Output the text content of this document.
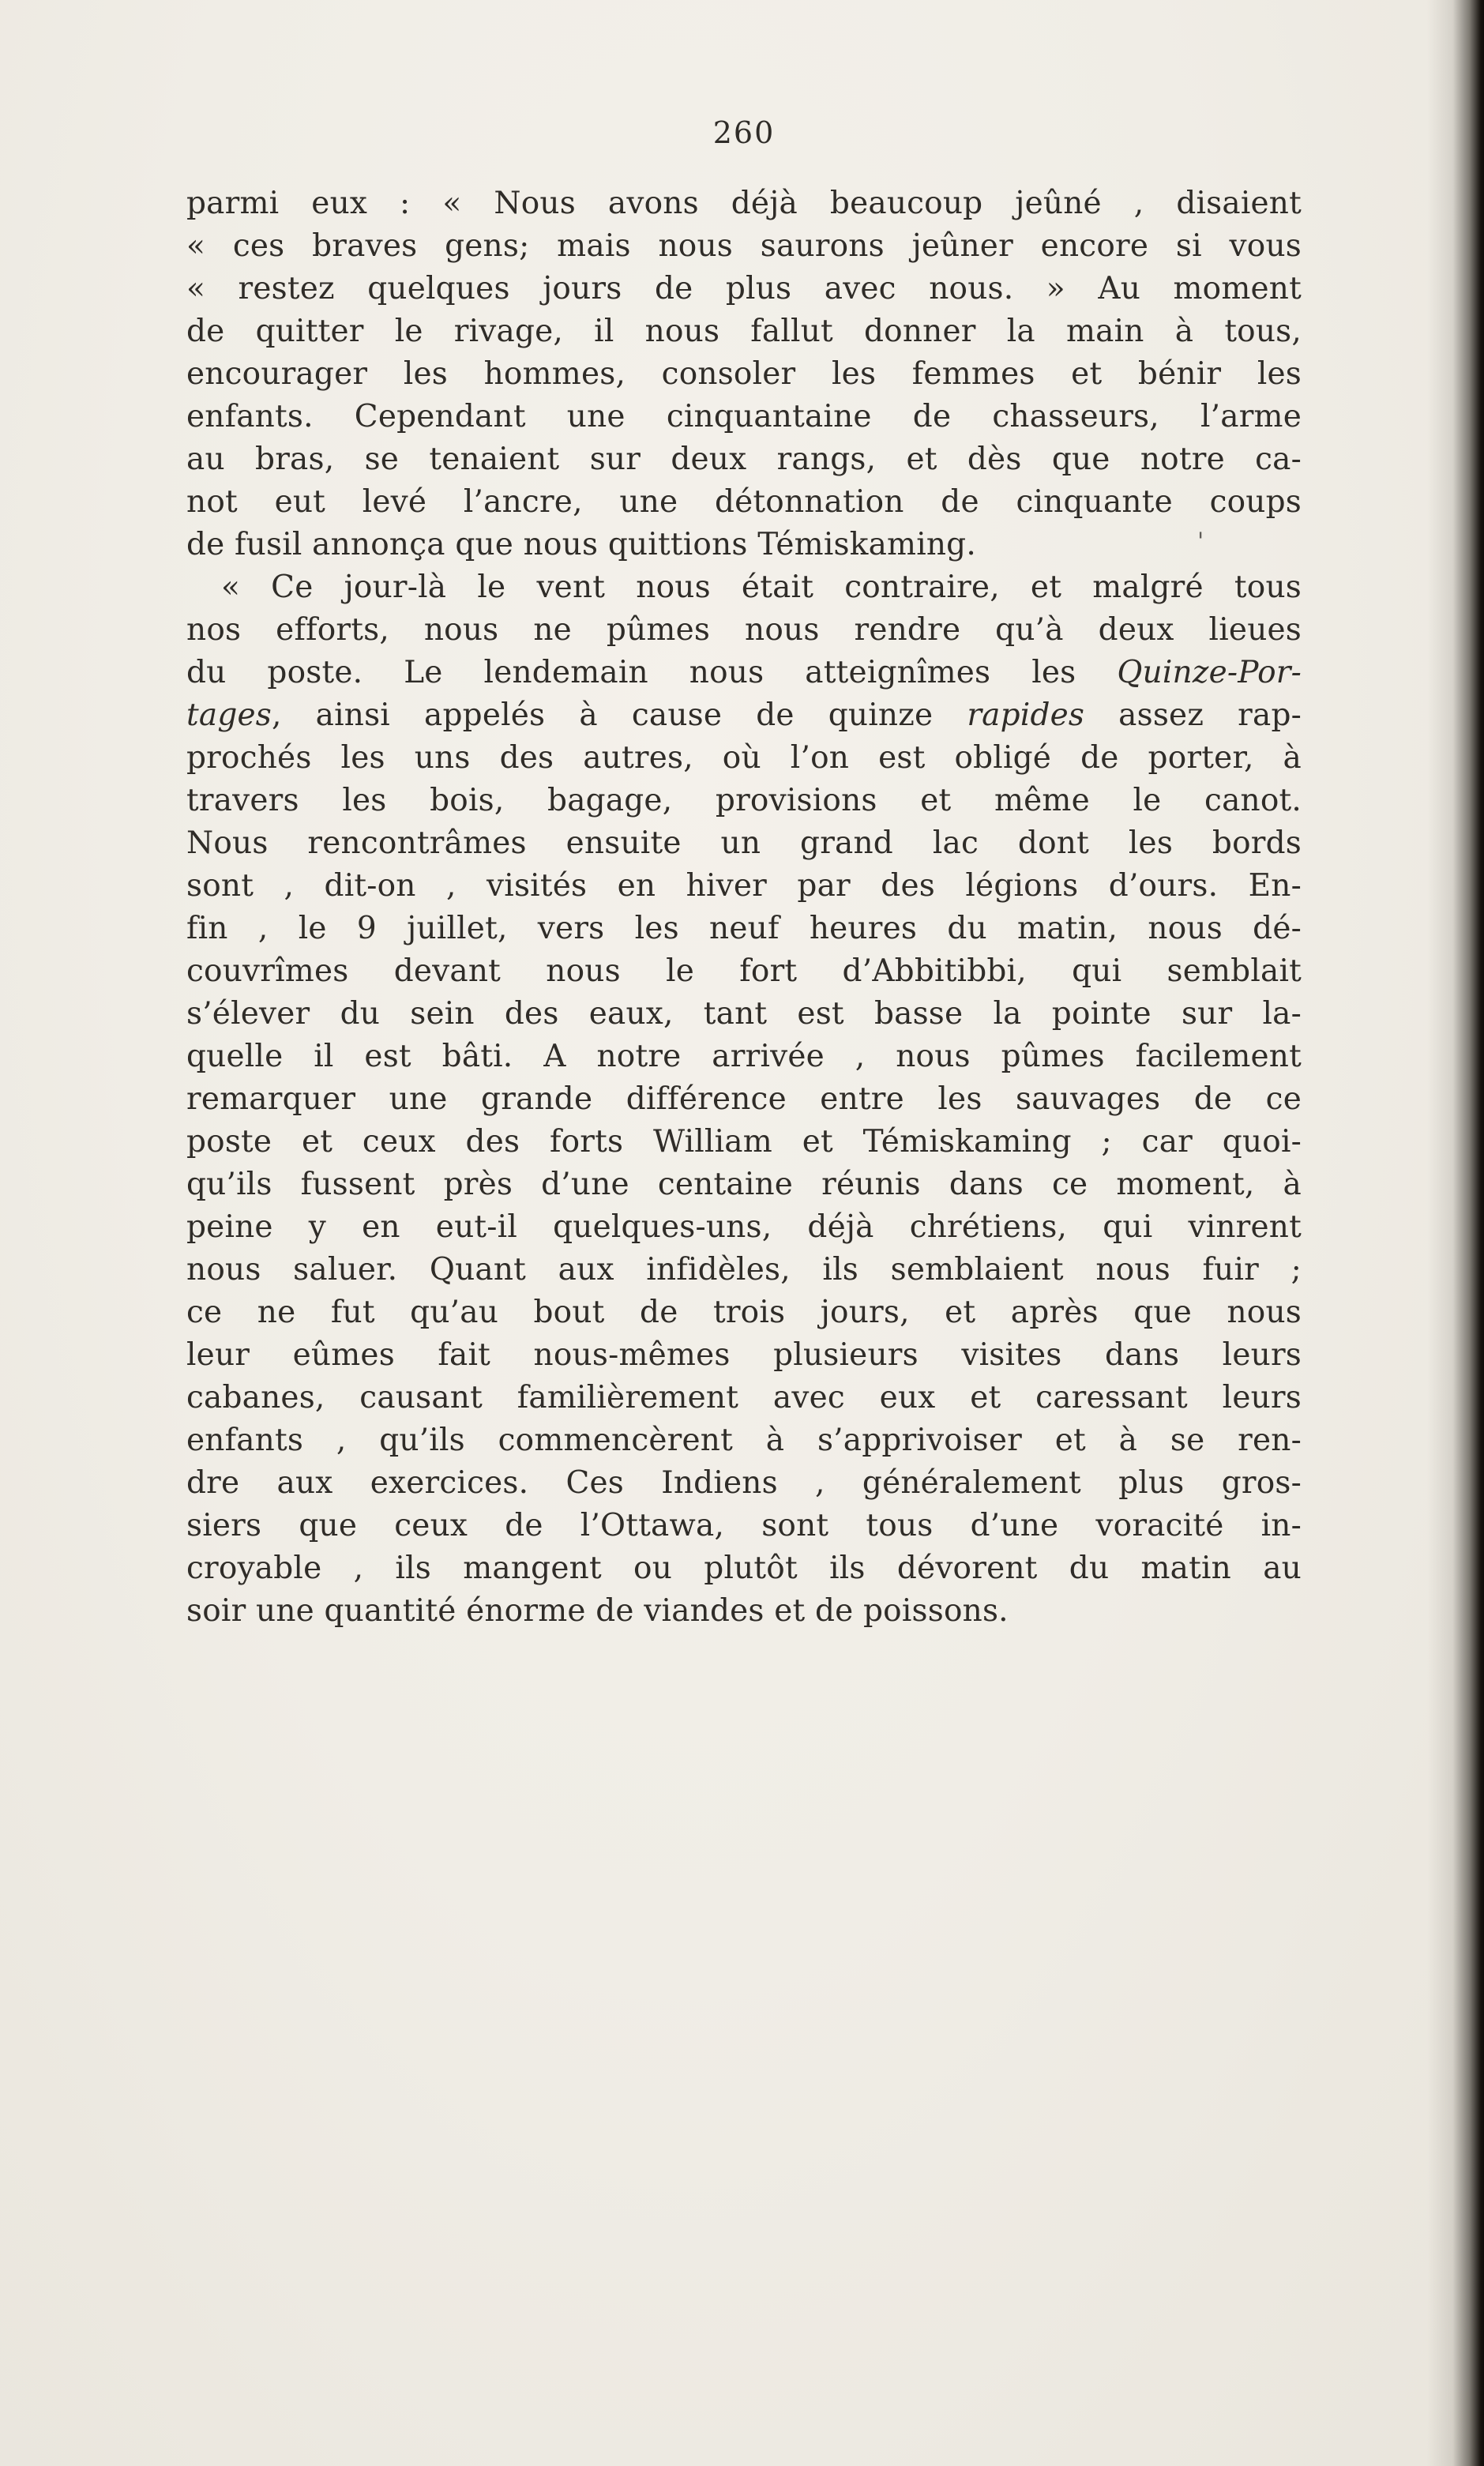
260
parmi eux : « Nous avons déjà beaucoup jeûné , disaient
« ces braves gens; mais nous saurons jeûner encore si vous
« restez quelques jours de plus avec nous. » Au moment
de quitter le rivage, il nous fallut donner la main à tous,
encourager les hommes, consoler les femmes et bénir les
enfants. Cependant une cinquantaine de chasseurs, l’arme
au bras, se tenaient sur deux rangs, et dès que notre ca-
not eut levé l’ancre, une détonnation de cinquante coups
de fusil annonça que nous quittions Témiskaming.
« Ce jour-là le vent nous était contraire, et malgré tous
nos efforts, nous ne pûmes nous rendre qu’à deux lieues
du poste. Le lendemain nous atteignîmes les Quinze-Por-
tages, ainsi appelés à cause de quinze rapides assez rap-
prochés les uns des autres, où l’on est obligé de porter, à
travers les bois, bagage, provisions et même le canot.
Nous rencontrâmes ensuite un grand lac dont les bords
sont , dit-on , visités en hiver par des légions d’ours. En-
fin , le 9 juillet, vers les neuf heures du matin, nous dé-
couvrîmes devant nous le fort d’Abbitibbi, qui semblait
s’élever du sein des eaux, tant est basse la pointe sur la-
quelle il est bâti. A notre arrivée , nous pûmes facilement
remarquer une grande différence entre les sauvages de ce
poste et ceux des forts William et Témiskaming ; car quoi-
qu’ils fussent près d’une centaine réunis dans ce moment, à
peine y en eut-il quelques-uns, déjà chrétiens, qui vinrent
nous saluer. Quant aux infidèles, ils semblaient nous fuir ;
ce ne fut qu’au bout de trois jours, et après que nous
leur eûmes fait nous-mêmes plusieurs visites dans leurs
cabanes, causant familièrement avec eux et caressant leurs
enfants , qu’ils commencèrent à s’apprivoiser et à se ren-
dre aux exercices. Ces Indiens , généralement plus gros-
siers que ceux de l’Ottawa, sont tous d’une voracité in-
croyable , ils mangent ou plutôt ils dévorent du matin au
soir une quantité énorme de viandes et de poissons.
'
